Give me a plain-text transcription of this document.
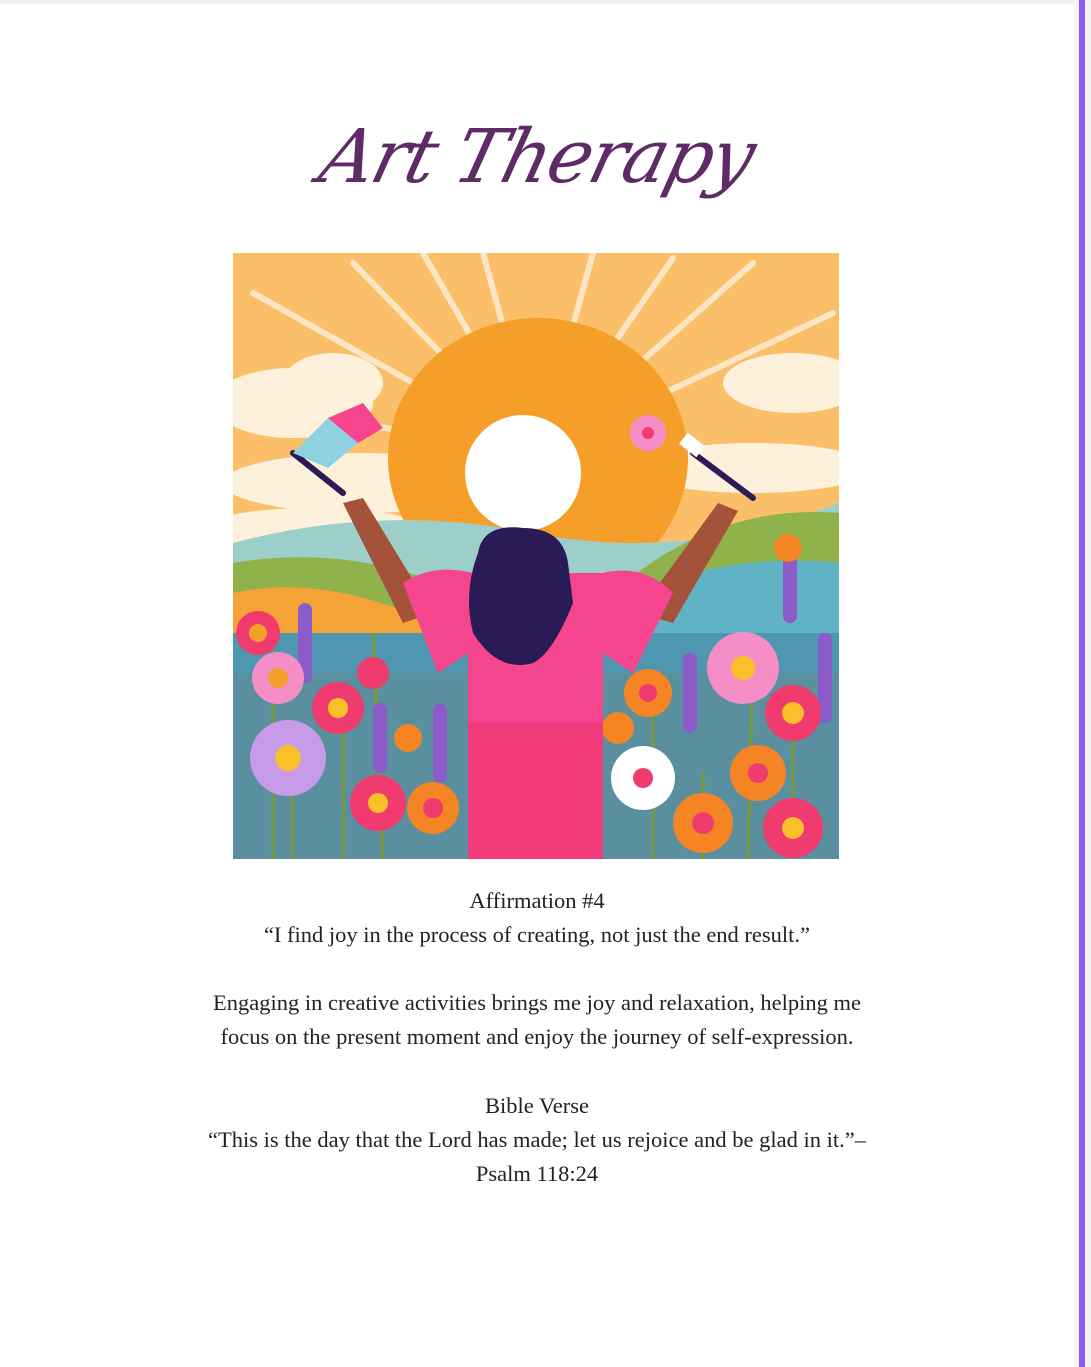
Art Therapy
Affirmation #4
“I find joy in the process of creating, not just the end result.”
Engaging in creative activities brings me joy and relaxation, helping me
focus on the present moment and enjoy the journey of self-expression.
Bible Verse
“This is the day that the Lord has made; let us rejoice and be glad in it.”–
Psalm 118:24
